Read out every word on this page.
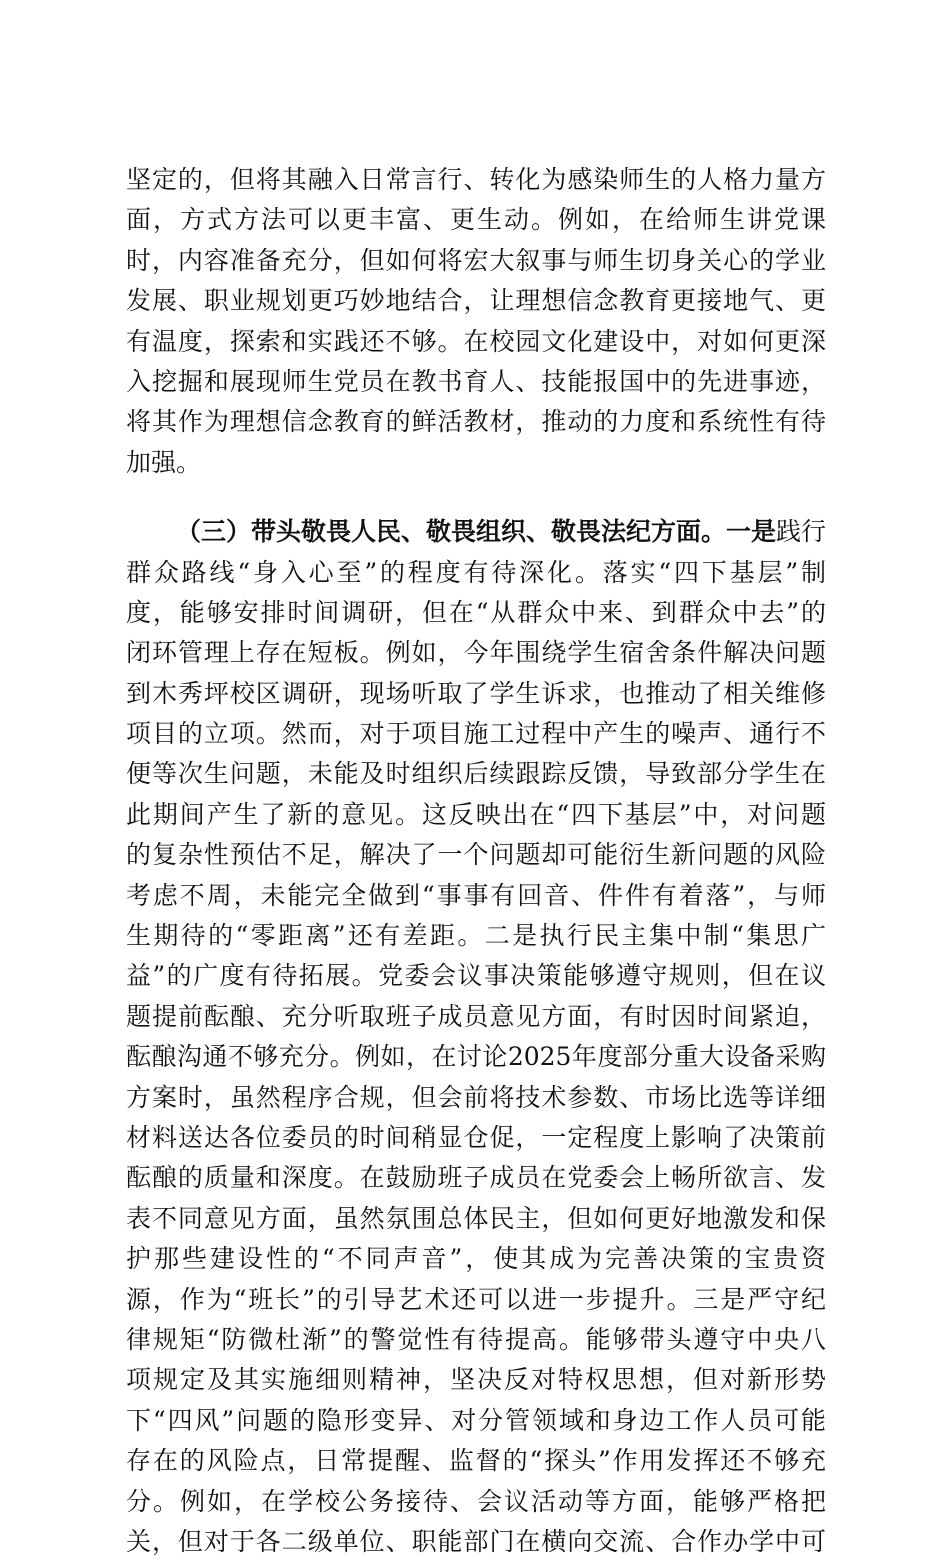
坚定的，但将其融入日常言行、转化为感染师生的人格力量方
面，方式方法可以更丰富、更生动。例如，在给师生讲党课
时，内容准备充分，但如何将宏大叙事与师生切身关心的学业
发展、职业规划更巧妙地结合，让理想信念教育更接地气、更
有温度，探索和实践还不够。在校园文化建设中，对如何更深
入挖掘和展现师生党员在教书育人、技能报国中的先进事迹，
将其作为理想信念教育的鲜活教材，推动的力度和系统性有待
加强。
（三）带头敬畏人民、敬畏组织、敬畏法纪方面。一是践行
群众路线“身入心至”的程度有待深化。落实“四下基层”制
度，能够安排时间调研，但在“从群众中来、到群众中去”的
闭环管理上存在短板。例如，今年围绕学生宿舍条件解决问题
到木秀坪校区调研，现场听取了学生诉求，也推动了相关维修
项目的立项。然而，对于项目施工过程中产生的噪声、通行不
便等次生问题，未能及时组织后续跟踪反馈，导致部分学生在
此期间产生了新的意见。这反映出在“四下基层”中，对问题
的复杂性预估不足，解决了一个问题却可能衍生新问题的风险
考虑不周，未能完全做到“事事有回音、件件有着落”，与师
生期待的“零距离”还有差距。二是执行民主集中制“集思广
益”的广度有待拓展。党委会议事决策能够遵守规则，但在议
题提前酝酿、充分听取班子成员意见方面，有时因时间紧迫，
酝酿沟通不够充分。例如，在讨论2025年度部分重大设备采购
方案时，虽然程序合规，但会前将技术参数、市场比选等详细
材料送达各位委员的时间稍显仓促，一定程度上影响了决策前
酝酿的质量和深度。在鼓励班子成员在党委会上畅所欲言、发
表不同意见方面，虽然氛围总体民主，但如何更好地激发和保
护那些建设性的“不同声音”，使其成为完善决策的宝贵资
源，作为“班长”的引导艺术还可以进一步提升。三是严守纪
律规矩“防微杜渐”的警觉性有待提高。能够带头遵守中央八
项规定及其实施细则精神，坚决反对特权思想，但对新形势
下“四风”问题的隐形变异、对分管领域和身边工作人员可能
存在的风险点，日常提醒、监督的“探头”作用发挥还不够充
分。例如，在学校公务接待、会议活动等方面，能够严格把
关，但对于各二级单位、职能部门在横向交流、合作办学中可
